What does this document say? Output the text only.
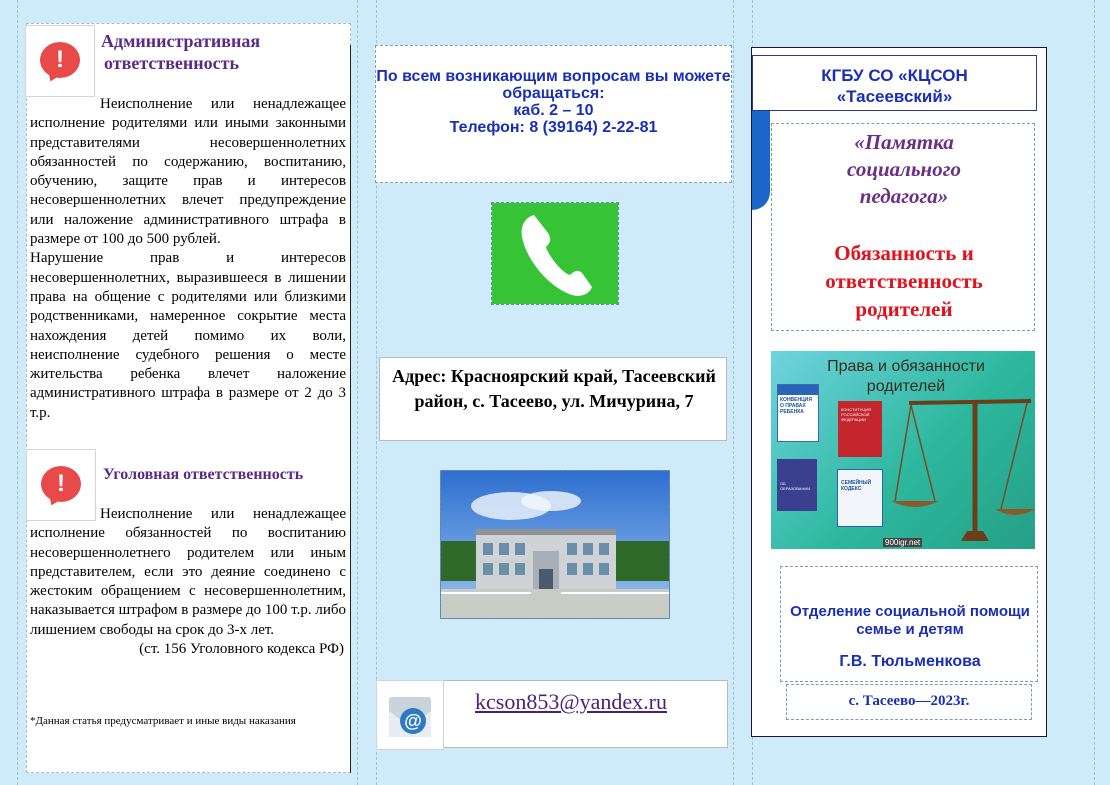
!
Административная
ответственность

Неисполнение или ненадлежащее исполнение родителями или иными законными представителями несовершеннолетних обязанностей по содержанию, воспитанию, обучению, защите прав и интересов несовершеннолетних влечет предупреждение или наложение административного штрафа в размере от 100 до 500 рублей.

Нарушение прав и интересов несовершеннолетних, выразившееся в лишении права на общение с родителями или близкими родственниками, намеренное сокрытие места нахождения детей помимо их воли, неисполнение судебного решения о месте жительства ребенка влечет наложение административного штрафа в размере от 2 до 3 т.р.

!	Уголовная ответственность

Неисполнение или ненадлежащее исполнение обязанностей по воспитанию несовершеннолетнего родителем или иным представителем, если это деяние соединено с жестоким обращением с несовершеннолетним, наказывается штрафом в размере до 100 т.р. либо лишением свободы на срок до 3-х лет.

(ст. 156 Уголовного кодекса РФ)

*Данная статья предусматривает и иные виды наказания
По всем возникающим вопросам вы можете обращаться:
каб. 2 – 10
Телефон: 8 (39164) 2-22-81
Адрес: Красноярский край, Тасеевский район, с. Тасеево, ул. Мичурина, 7
@
kcson853@yandex.ru
КГБУ СО «КЦСОН
«Тасеевский»
«Памятка социального педагога»
Обязанность и ответственность родителей
Права и обязанности родителей
КОНВЕНЦИЯ О ПРАВАХ РЕБЕНКА	КОНСТИТУЦИЯ РОССИЙСКОЙ ФЕДЕРАЦИИ
ОБ ОБРАЗОВАНИИ
СЕМЕЙНЫЙ КОДЕКС
900igr.net
Отделение социальной помощи семье и детям
Г.В. Тюльменкова
с. Тасеево—2023г.
